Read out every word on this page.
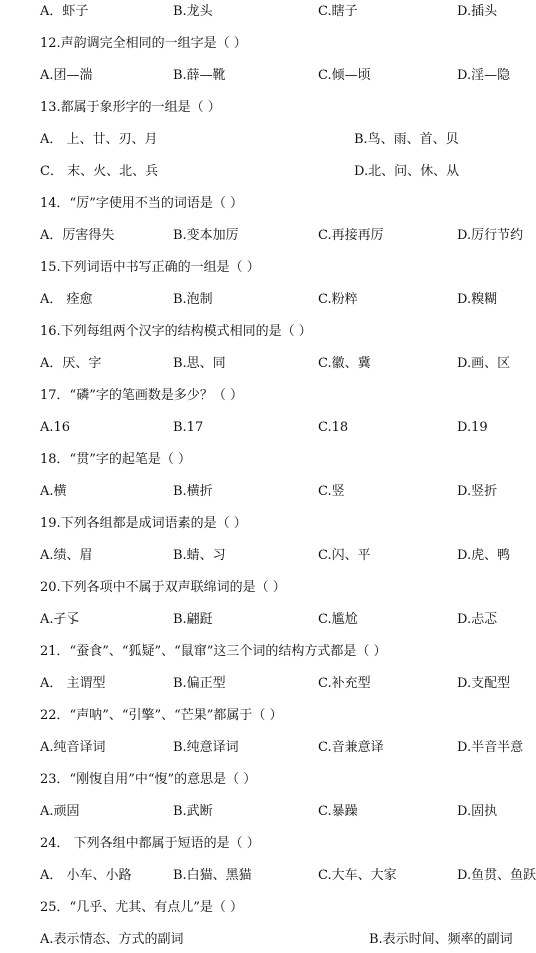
A．虾子	B.龙头	C.瞎子	D.插头
12.声韵调完全相同的一组字是（ ）
A.团—湍	B.薛—靴	C.倾—顷	D.淫—隐
13.都属于象形字的一组是（ ）
A． 上、廿、刃、月	B.鸟、雨、首、贝
C． 末、火、北、兵	D.北、问、休、从
14．“厉”字使用不当的词语是（ ）
A．厉害得失	B.变本加厉	C.再接再厉	D.厉行节约
15.下列词语中书写正确的一组是（ ）
A． 痊愈	B.泡制	C.粉粹	D.糗糊
16.下列每组两个汉字的结构模式相同的是（ ）
A．厌、字	B.思、同	C.徽、冀	D.画、区
17．“磷”字的笔画数是多少？（ ）
A.16	B.17	C.18	D.19
18．“贯”字的起笔是（ ）
A.横	B.横折	C.竖	D.竖折
19.下列各组都是成词语素的是（ ）
A.绩、眉	B.蜻、习	C.闪、平	D.虎、鸭
20.下列各项中不属于双声联绵词的是（ ）
A.孑孓	B.翩跹	C.尴尬	D.忐忑
21．“蚕食”、“狐疑”、“鼠窜”这三个词的结构方式都是（ ）
A． 主谓型	B.偏正型	C.补充型	D.支配型
22．“声呐”、“引擎”、“芒果”都属于（ ）
A.纯音译词	B.纯意译词	C.音兼意译	D.半音半意
23．“刚愎自用”中“愎”的意思是（ ）
A.顽固	B.武断	C.暴躁	D.固执
24． 下列各组中都属于短语的是（ ）
A． 小车、小路	B.白猫、黑猫	C.大车、大家	D.鱼贯、鱼跃
25．“几乎、尤其、有点儿”是（ ）
A.表示情态、方式的副词	B.表示时间、频率的副词
